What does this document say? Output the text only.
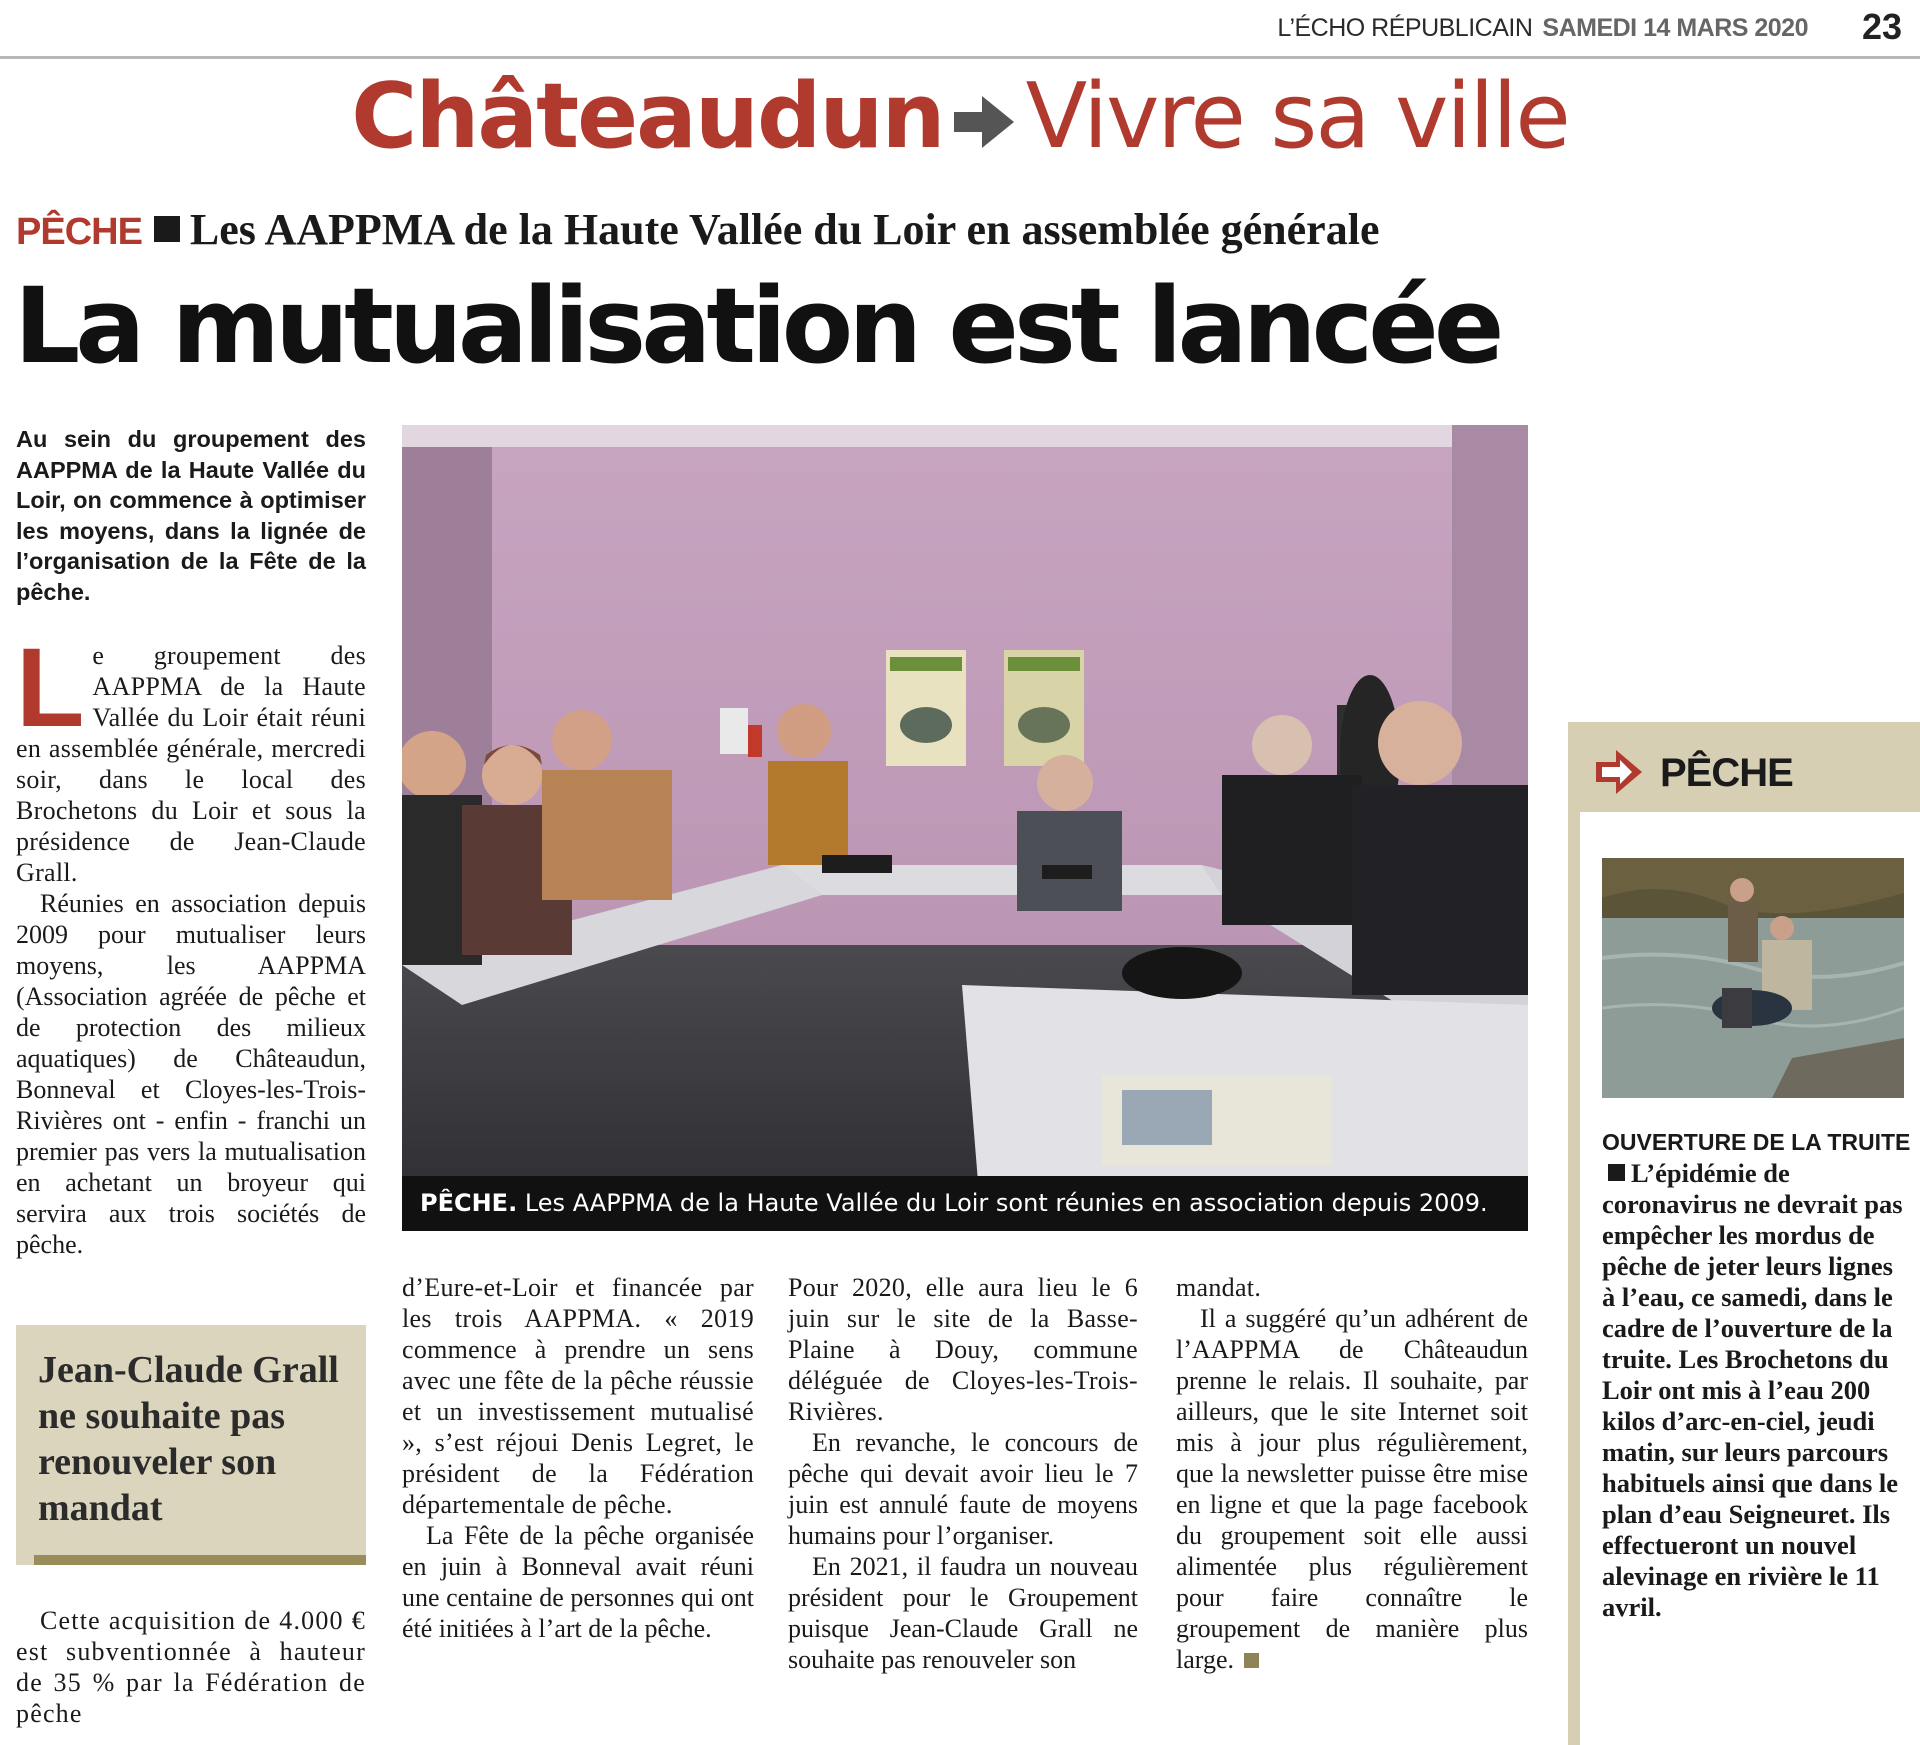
L’ÉCHO RÉPUBLICAIN SAMEDI 14 MARS 2020 23
Châteaudun Vivre sa ville
PÊCHE Les AAPPMA de la Haute Vallée du Loir en assemblée générale
La mutualisation est lancée
Au sein du groupement des AAPPMA de la Haute Vallée du Loir, on commence à optimiser les moyens, dans la lignée de l’organisation de la Fête de la pêche.
L e groupement des AAPPMA de la Haute Vallée du Loir était réuni en assemblée générale, mercredi soir, dans le local des Brochetons du Loir et sous la présidence de Jean-Claude Grall.

Réunies en association depuis 2009 pour mutualiser leurs moyens, les AAPPMA (Association agréée de pêche et de protection des milieux aquatiques) de Châteaudun, Bonneval et Cloyes-les-Trois-Rivières ont - enfin - franchi un premier pas vers la mutualisation en achetant un broyeur qui servira aux trois sociétés de pêche.

Jean-Claude Grall ne souhaite pas renouveler son mandat

Cette acquisition de 4.000 € est subventionnée à hauteur de 35 % par la Fédération de pêche

PÊCHE. Les AAPPMA de la Haute Vallée du Loir sont réunies en association depuis 2009.

d’Eure-et-Loir et financée par les trois AAPPMA. « 2019 commence à prendre un sens avec une fête de la pêche réussie et un investissement mutualisé », s’est réjoui Denis Legret, le président de la Fédération départementale de pêche.

La Fête de la pêche organisée en juin à Bonneval avait réuni une centaine de personnes qui ont été initiées à l’art de la pêche.

Pour 2020, elle aura lieu le 6 juin sur le site de la Basse-Plaine à Douy, commune déléguée de Cloyes-les-Trois-Rivières.

En revanche, le concours de pêche qui devait avoir lieu le 7 juin est annulé faute de moyens humains pour l’organiser.

En 2021, il faudra un nouveau président pour le Groupement puisque Jean-Claude Grall ne souhaite pas renouveler son

mandat.

Il a suggéré qu’un adhérent de l’AAPPMA de Châteaudun prenne le relais. Il souhaite, par ailleurs, que le site Internet soit mis à jour plus régulièrement, que la newsletter puisse être mise en ligne et que la page facebook du groupement soit elle aussi alimentée plus régulièrement pour faire connaître le groupement de manière plus large.

PÊCHE
OUVERTURE DE LA TRUITEL’épidémie de coronavirus ne devrait pas empêcher les mordus de pêche de jeter leurs lignes à l’eau, ce samedi, dans le cadre de l’ouverture de la truite. Les Brochetons du Loir ont mis à l’eau 200 kilos d’arc-en-ciel, jeudi matin, sur leurs parcours habituels ainsi que dans le plan d’eau Seigneuret. Ils effectueront un nouvel alevinage en rivière le 11 avril.
